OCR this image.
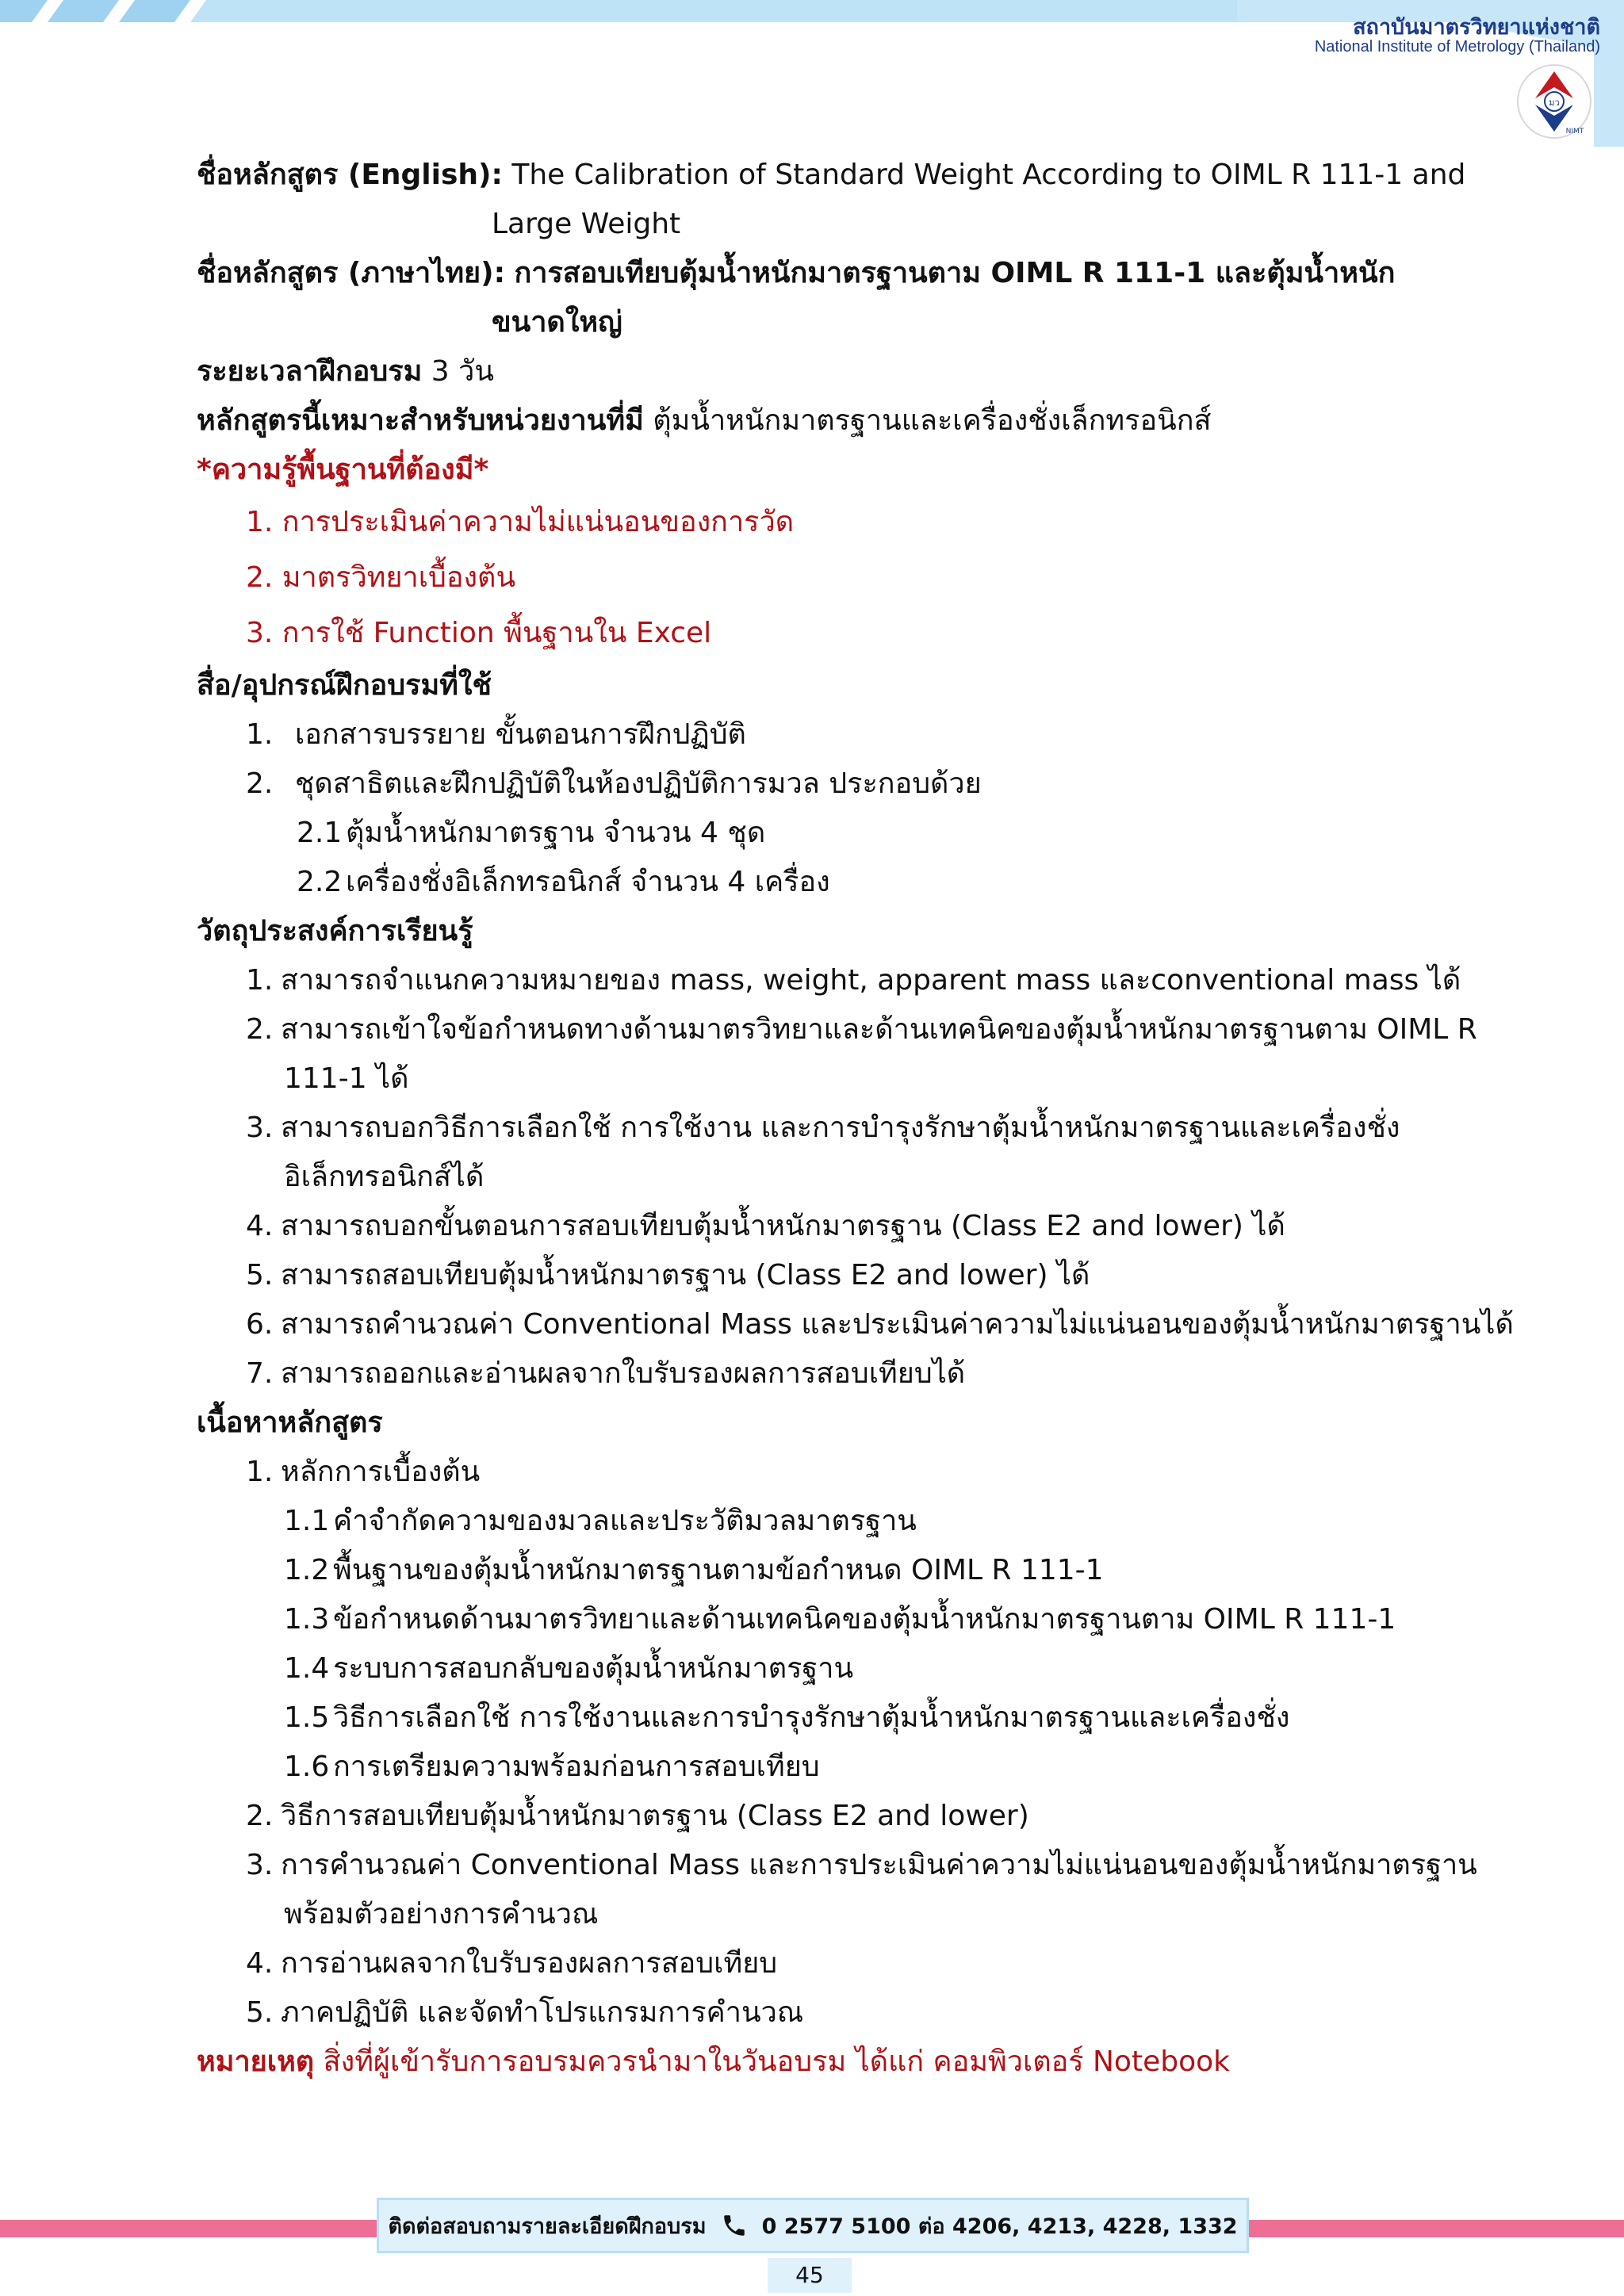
สถาบันมาตรวิทยาแห่งชาติ
National Institute of Metrology (Thailand)
มว
NIMT
ชื่อหลักสูตร (English): The Calibration of Standard Weight According to OIML R 111-1 and
Large Weight
ชื่อหลักสูตร (ภาษาไทย): การสอบเทียบตุ้มน้ำหนักมาตรฐานตาม OIML R 111-1 และตุ้มน้ำหนัก
ขนาดใหญ่
ระยะเวลาฝึกอบรม 3 วัน
หลักสูตรนี้เหมาะสำหรับหน่วยงานที่มี ตุ้มน้ำหนักมาตรฐานและเครื่องชั่งเล็กทรอนิกส์
*ความรู้พื้นฐานที่ต้องมี*
1. การประเมินค่าความไม่แน่นอนของการวัด
2. มาตรวิทยาเบื้องต้น
3. การใช้ Function พื้นฐานใน Excel
สื่อ/อุปกรณ์ฝึกอบรมที่ใช้
1. เอกสารบรรยาย ขั้นตอนการฝึกปฏิบัติ
2. ชุดสาธิตและฝึกปฏิบัติในห้องปฏิบัติการมวล ประกอบด้วย
2.1 ตุ้มน้ำหนักมาตรฐาน จำนวน 4 ชุด
2.2 เครื่องชั่งอิเล็กทรอนิกส์ จำนวน 4 เครื่อง
วัตถุประสงค์การเรียนรู้
1. สามารถจำแนกความหมายของ mass, weight, apparent mass และconventional mass ได้
2. สามารถเข้าใจข้อกำหนดทางด้านมาตรวิทยาและด้านเทคนิคของตุ้มน้ำหนักมาตรฐานตาม OIML R
111-1 ได้
3. สามารถบอกวิธีการเลือกใช้ การใช้งาน และการบำรุงรักษาตุ้มน้ำหนักมาตรฐานและเครื่องชั่ง
อิเล็กทรอนิกส์ได้
4. สามารถบอกขั้นตอนการสอบเทียบตุ้มน้ำหนักมาตรฐาน (Class E2 and lower) ได้
5. สามารถสอบเทียบตุ้มน้ำหนักมาตรฐาน (Class E2 and lower) ได้
6. สามารถคำนวณค่า Conventional Mass และประเมินค่าความไม่แน่นอนของตุ้มน้ำหนักมาตรฐานได้
7. สามารถออกและอ่านผลจากใบรับรองผลการสอบเทียบได้
เนื้อหาหลักสูตร
1. หลักการเบื้องต้น
1.1 คำจำกัดความของมวลและประวัติมวลมาตรฐาน
1.2 พื้นฐานของตุ้มน้ำหนักมาตรฐานตามข้อกำหนด OIML R 111-1
1.3 ข้อกำหนดด้านมาตรวิทยาและด้านเทคนิคของตุ้มน้ำหนักมาตรฐานตาม OIML R 111-1
1.4 ระบบการสอบกลับของตุ้มน้ำหนักมาตรฐาน
1.5 วิธีการเลือกใช้ การใช้งานและการบำรุงรักษาตุ้มน้ำหนักมาตรฐานและเครื่องชั่ง
1.6 การเตรียมความพร้อมก่อนการสอบเทียบ
2. วิธีการสอบเทียบตุ้มน้ำหนักมาตรฐาน (Class E2 and lower)
3. การคำนวณค่า Conventional Mass และการประเมินค่าความไม่แน่นอนของตุ้มน้ำหนักมาตรฐาน
พร้อมตัวอย่างการคำนวณ
4. การอ่านผลจากใบรับรองผลการสอบเทียบ
5. ภาคปฏิบัติ และจัดทำโปรแกรมการคำนวณ
หมายเหตุ สิ่งที่ผู้เข้ารับการอบรมควรนำมาในวันอบรม ได้แก่ คอมพิวเตอร์ Notebook
ติดต่อสอบถามรายละเอียดฝึกอบรม	0 2577 5100 ต่อ 4206, 4213, 4228, 1332
45
